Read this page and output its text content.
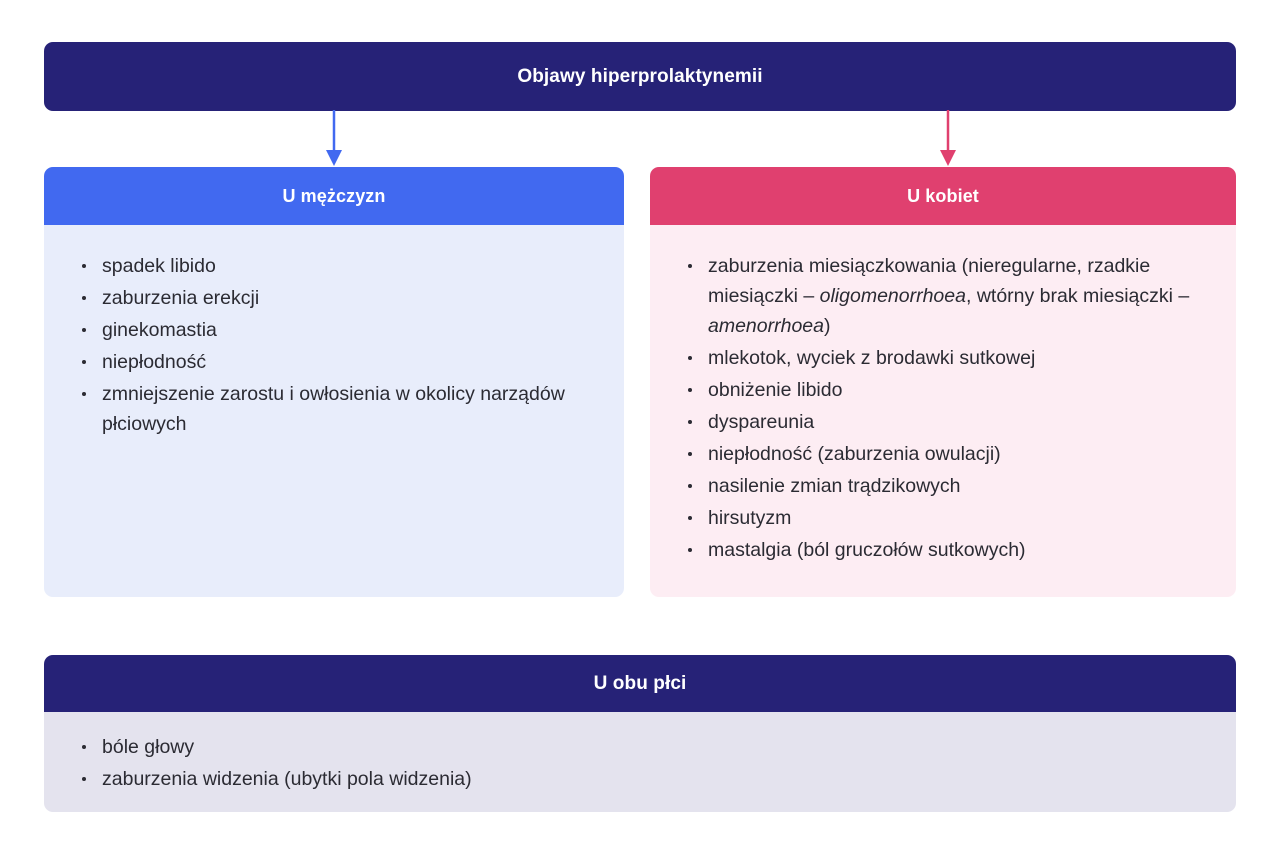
Objawy hiperprolaktynemii
U mężczyzn
spadek libido
zaburzenia erekcji
ginekomastia
niepłodność
zmniejszenie zarostu i owłosienia w okolicy narządów płciowych
U kobiet
zaburzenia miesiączkowania (nieregularne, rzadkie miesiączki – oligomenorrhoea, wtórny brak miesiączki – amenorrhoea)
mlekotok, wyciek z brodawki sutkowej
obniżenie libido
dyspareunia
niepłodność (zaburzenia owulacji)
nasilenie zmian trądzikowych
hirsutyzm
mastalgia (ból gruczołów sutkowych)
U obu płci
bóle głowy
zaburzenia widzenia (ubytki pola widzenia)
